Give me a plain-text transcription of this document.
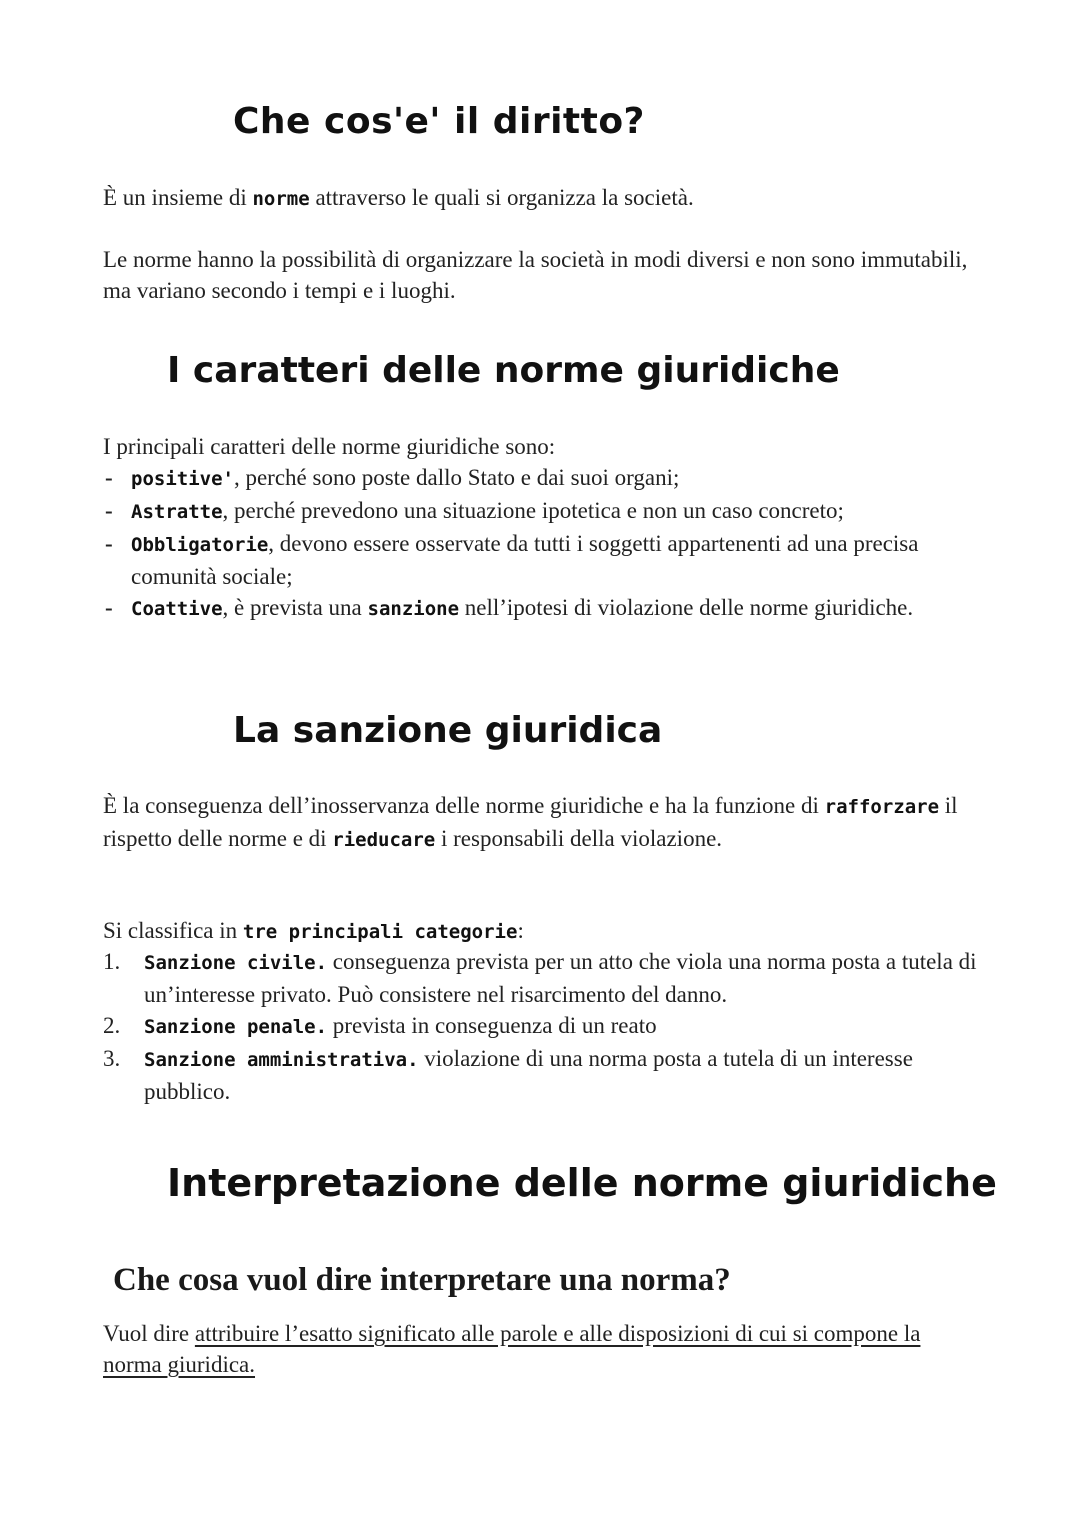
Che cos'e' il diritto?

È un insieme di norme attraverso le quali si organizza la società.

Le norme hanno la possibilità di organizzare la società in modi diversi e non sono immutabili, ma variano secondo i tempi e i luoghi.

I caratteri delle norme giuridiche

I principali caratteri delle norme giuridiche sono:

- positive', perché sono poste dallo Stato e dai suoi organi;
- Astratte, perché prevedono una situazione ipotetica e non un caso concreto;
- Obbligatorie, devono essere osservate da tutti i soggetti appartenenti ad una precisa comunità sociale;
- Coattive, è prevista una sanzione nell’ipotesi di violazione delle norme giuridiche.
La sanzione giuridica

È la conseguenza dell’inosservanza delle norme giuridiche e ha la funzione di rafforzare il rispetto delle norme e di rieducare i responsabili della violazione.

Si classifica in tre principali categorie:

1. Sanzione civile. conseguenza prevista per un atto che viola una norma posta a tutela di un’interesse privato. Può consistere nel risarcimento del danno.
2. Sanzione penale. prevista in conseguenza di un reato
3. Sanzione amministrativa. violazione di una norma posta a tutela di un interesse pubblico.
Interpretazione delle norme giuridiche
Che cosa vuol dire interpretare una norma?

Vuol dire attribuire l’esatto significato alle parole e alle disposizioni di cui si compone la norma giuridica.
